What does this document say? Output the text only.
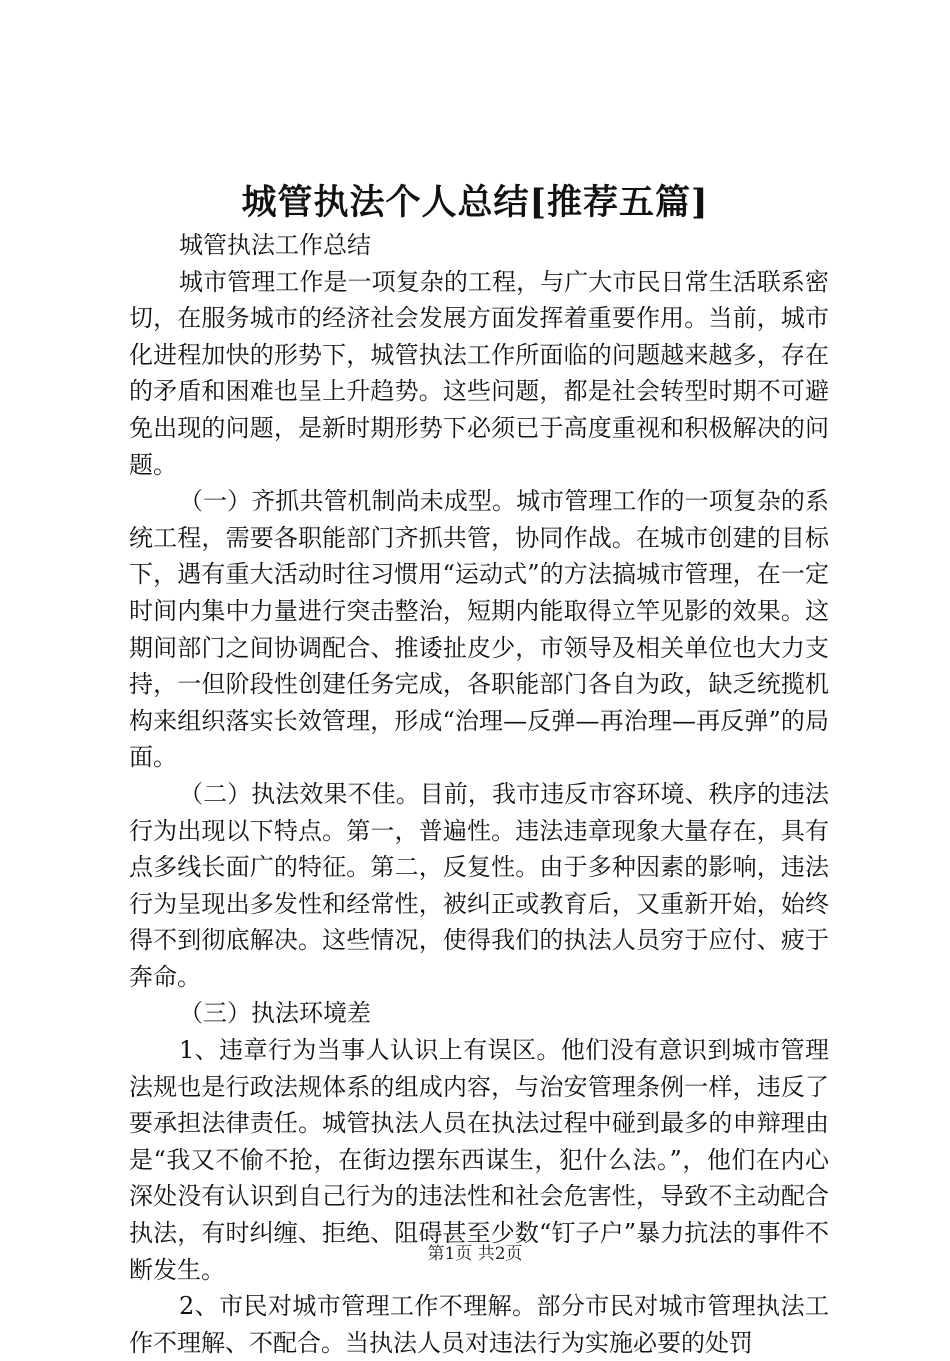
城管执法个人总结[推荐五篇]

城管执法工作总结

城市管理工作是一项复杂的工程，与广大市民日常生活联系密切，在服务城市的经济社会发展方面发挥着重要作用。当前，城市化进程加快的形势下，城管执法工作所面临的问题越来越多，存在的矛盾和困难也呈上升趋势。这些问题，都是社会转型时期不可避免出现的问题，是新时期形势下必须已于高度重视和积极解决的问题。

（一）齐抓共管机制尚未成型。城市管理工作的一项复杂的系统工程，需要各职能部门齐抓共管，协同作战。在城市创建的目标下，遇有重大活动时往习惯用“运动式”的方法搞城市管理，在一定时间内集中力量进行突击整治，短期内能取得立竿见影的效果。这期间部门之间协调配合、推诿扯皮少，市领导及相关单位也大力支持，一但阶段性创建任务完成，各职能部门各自为政，缺乏统揽机构来组织落实长效管理，形成“治理—反弹—再治理—再反弹”的局面。

（二）执法效果不佳。目前，我市违反市容环境、秩序的违法行为出现以下特点。第一，普遍性。违法违章现象大量存在，具有点多线长面广的特征。第二，反复性。由于多种因素的影响，违法行为呈现出多发性和经常性，被纠正或教育后，又重新开始，始终得不到彻底解决。这些情况，使得我们的执法人员穷于应付、疲于奔命。

（三）执法环境差

1、违章行为当事人认识上有误区。他们没有意识到城市管理法规也是行政法规体系的组成内容，与治安管理条例一样，违反了要承担法律责任。城管执法人员在执法过程中碰到最多的申辩理由是“我又不偷不抢，在街边摆东西谋生，犯什么法。”，他们在内心深处没有认识到自己行为的违法性和社会危害性，导致不主动配合执法，有时纠缠、拒绝、阻碍甚至少数“钉子户”暴力抗法的事件不断发生。

2、市民对城市管理工作不理解。部分市民对城市管理执法工作不理解、不配合。当执法人员对违法行为实施必要的处罚

第1页 共2页
